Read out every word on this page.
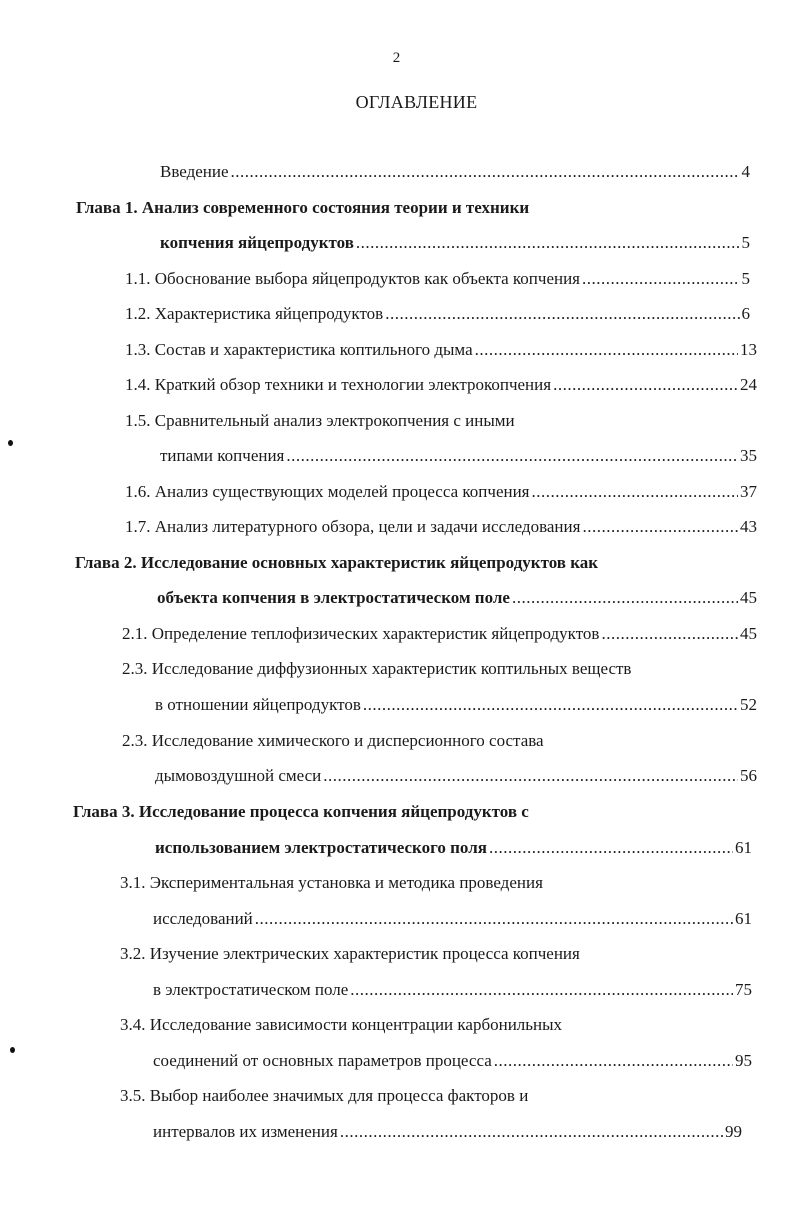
2
ОГЛАВЛЕНИЕ
Введение .....	4
Глава 1. Анализ современного состояния теории и техники
копчения яйцепродуктов .....	5
1.1. Обоснование выбора яйцепродуктов как объекта копчения .....	5
1.2. Характеристика яйцепродуктов .....	6
1.3. Состав и характеристика коптильного дыма .....	13
1.4. Краткий обзор техники и технологии электрокопчения .....	24
1.5. Сравнительный анализ электрокопчения с иными
типами копчения .....	35
1.6. Анализ существующих моделей процесса копчения .....	37
1.7. Анализ литературного обзора, цели и задачи исследования .....	43
Глава 2. Исследование основных характеристик яйцепродуктов как
объекта копчения в электростатическом поле .....	45
2.1. Определение теплофизических характеристик яйцепродуктов .....	45
2.3. Исследование диффузионных характеристик коптильных веществ
в отношении яйцепродуктов .....	52
2.3. Исследование химического и дисперсионного состава
дымовоздушной смеси .....	56
Глава 3. Исследование процесса копчения яйцепродуктов с
использованием электростатического поля .....	61
3.1. Экспериментальная установка и методика проведения
исследований .....	61
3.2. Изучение электрических характеристик процесса копчения
в электростатическом поле .....	75
3.4. Исследование зависимости концентрации карбонильных
соединений от основных параметров процесса .....	95
3.5. Выбор наиболее значимых для процесса факторов и
интервалов их изменения .....	99
